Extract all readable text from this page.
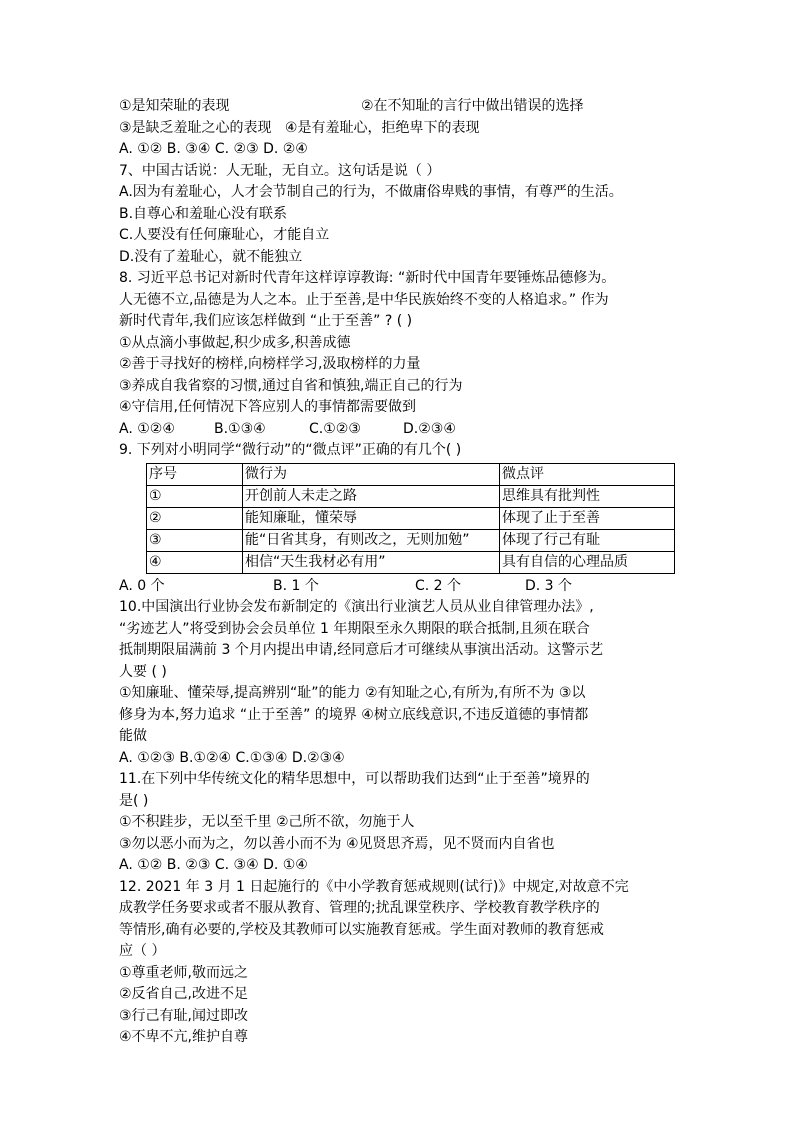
①是知荣耻的表现	②在不知耻的言行中做出错误的选择
③是缺乏羞耻之心的表现 ④是有羞耻心，拒绝卑下的表现
A. ①② B. ③④ C. ②③ D. ②④
7、中国古话说：人无耻，无自立。这句话是说（ ）
A.因为有羞耻心，人才会节制自己的行为，不做庸俗卑贱的事情，有尊严的生活。
B.自尊心和羞耻心没有联系
C.人要没有任何廉耻心，才能自立
D.没有了羞耻心，就不能独立
8. 习近平总书记对新时代青年这样谆谆教诲: “新时代中国青年要锤炼品德修为。
人无德不立,品德是为人之本。止于至善,是中华民族始终不变的人格追求。” 作为
新时代青年,我们应该怎样做到 “止于至善” ? ( )
①从点滴小事做起,积少成多,积善成德
②善于寻找好的榜样,向榜样学习,汲取榜样的力量
③养成自我省察的习惯,通过自省和慎独,端正自己的行为
④守信用,任何情况下答应别人的事情都需要做到
A. ①②④	B.①③④	C.①②③	D.②③④
9. 下列对小明同学“微行动”的“微点评”正确的有几个( )
序号	微行为	微点评
①	开创前人未走之路	思维具有批判性
②	能知廉耻，懂荣辱	体现了止于至善
③	能“日省其身，有则改之，无则加勉”	体现了行己有耻
④	相信“天生我材必有用”	具有自信的心理品质
A. 0 个	B. 1 个	C. 2 个	D. 3 个
10.中国演出行业协会发布新制定的《演出行业演艺人员从业自律管理办法》,
“劣迹艺人”将受到协会会员单位 1 年期限至永久期限的联合抵制,且须在联合
抵制期限届满前 3 个月内提出申请,经同意后才可继续从事演出活动。这警示艺
人要 ( )
①知廉耻、懂荣辱,提高辨别“耻”的能力 ②有知耻之心,有所为,有所不为 ③以
修身为本,努力追求 “止于至善” 的境界 ④树立底线意识,不违反道德的事情都
能做
A. ①②③ B.①②④ C.①③④ D.②③④
11.在下列中华传统文化的精华思想中，可以帮助我们达到“止于至善”境界的
是( )
①不积跬步，无以至千里 ②己所不欲，勿施于人
③勿以恶小而为之，勿以善小而不为 ④见贤思齐焉，见不贤而内自省也
A. ①② B. ②③ C. ③④ D. ①④
12. 2021 年 3 月 1 日起施行的《中小学教育惩戒规则(试行)》中规定,对故意不完
成教学任务要求或者不服从教育、管理的;扰乱课堂秩序、学校教育教学秩序的
等情形,确有必要的,学校及其教师可以实施教育惩戒。学生面对教师的教育惩戒
应（ ）
①尊重老师,敬而远之
②反省自己,改进不足
③行己有耻,闻过即改
④不卑不亢,维护自尊
